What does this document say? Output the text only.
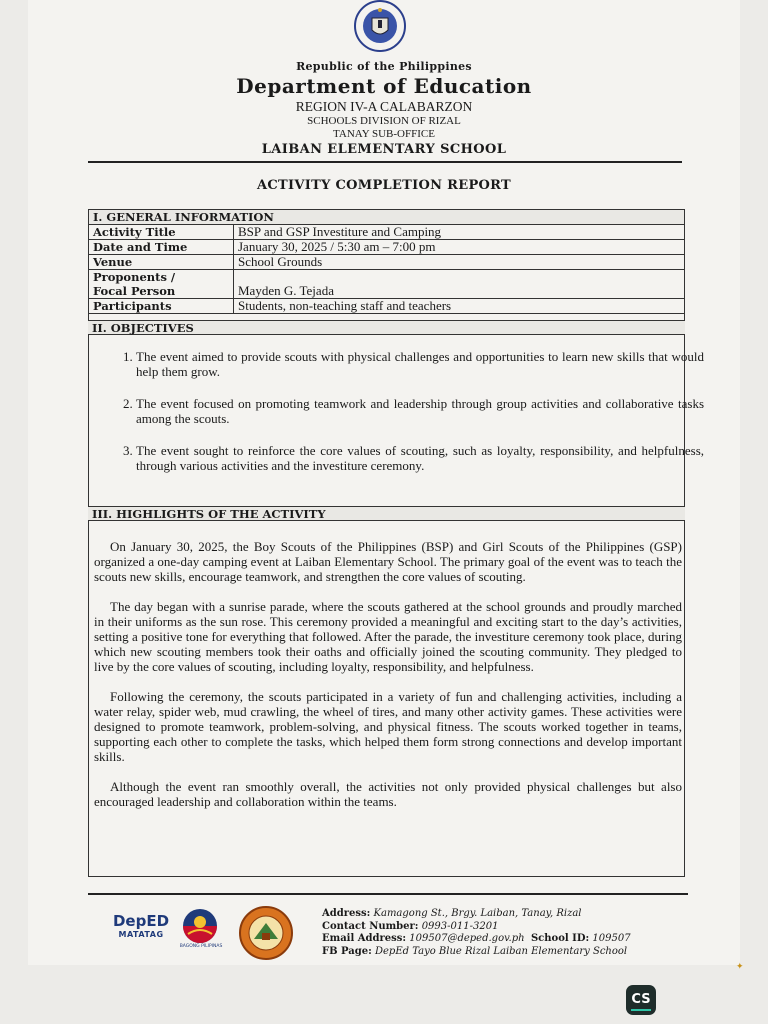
Republic of the Philippines
Department of Education
REGION IV-A CALABARZON
SCHOOLS DIVISION OF RIZAL
TANAY SUB-OFFICE
LAIBAN ELEMENTARY SCHOOL
ACTIVITY COMPLETION REPORT
I. GENERAL INFORMATION	
Activity Title	BSP and GSP Investiture and Camping
Date and Time	January 30, 2025 / 5:30 am – 7:00 pm
Venue	School Grounds

Proponents /
Focal Person	Mayden G. Tejada
Participants	Students, non-teaching staff and teachers
II. OBJECTIVES
1. The event aimed to provide scouts with physical challenges and opportunities to learn new skills that would help them grow.
2. The event focused on promoting teamwork and leadership through group activities and collaborative tasks among the scouts.
3. The event sought to reinforce the core values of scouting, such as loyalty, responsibility, and helpfulness, through various activities and the investiture ceremony.
III. HIGHLIGHTS OF THE ACTIVITY

On January 30, 2025, the Boy Scouts of the Philippines (BSP) and Girl Scouts of the Philippines (GSP) organized a one-day camping event at Laiban Elementary School. The primary goal of the event was to teach the scouts new skills, encourage teamwork, and strengthen the core values of scouting.

The day began with a sunrise parade, where the scouts gathered at the school grounds and proudly marched in their uniforms as the sun rose. This ceremony provided a meaningful and exciting start to the day’s activities, setting a positive tone for everything that followed. After the parade, the investiture ceremony took place, during which new scouting members took their oaths and officially joined the scouting community. They pledged to live by the core values of scouting, including loyalty, responsibility, and helpfulness.

Following the ceremony, the scouts participated in a variety of fun and challenging activities, including a water relay, spider web, mud crawling, the wheel of tires, and many other activity games. These activities were designed to promote teamwork, problem-solving, and physical fitness. The scouts worked together in teams, supporting each other to complete the tasks, which helped them form strong connections and develop important skills.

Although the event ran smoothly overall, the activities not only provided physical challenges but also encouraged leadership and collaboration within the teams.

DepED
MATATAG
BAGONG PILIPINAS
Address: Kamagong St., Brgy. Laiban, Tanay, Rizal
Contact Number: 0993-011-3201
Email Address: 109507@deped.gov.ph School ID: 109507
FB Page: DepEd Tayo Blue Rizal Laiban Elementary School
✦
CS
